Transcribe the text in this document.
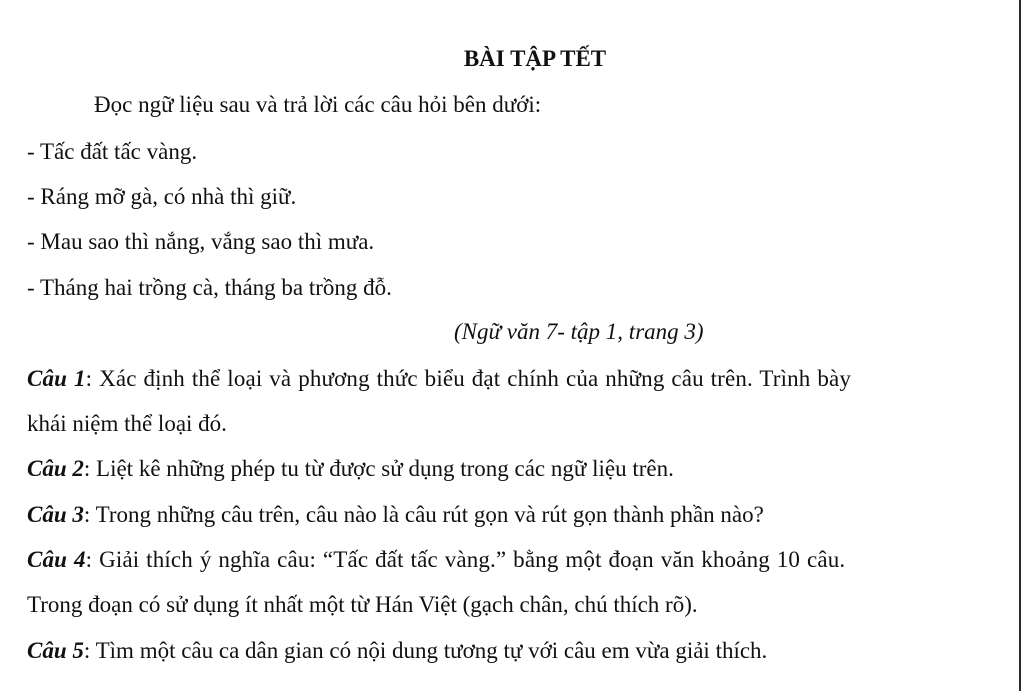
BÀI TẬP TẾT
Đọc ngữ liệu sau và trả lời các câu hỏi bên dưới:
- Tấc đất tấc vàng.
- Ráng mỡ gà, có nhà thì giữ.
- Mau sao thì nắng, vắng sao thì mưa.
- Tháng hai trồng cà, tháng ba trồng đỗ.
(Ngữ văn 7- tập 1, trang 3)
Câu 1: Xác định thể loại và phương thức biểu đạt chính của những câu trên. Trình bày
khái niệm thể loại đó.
Câu 2: Liệt kê những phép tu từ được sử dụng trong các ngữ liệu trên.
Câu 3: Trong những câu trên, câu nào là câu rút gọn và rút gọn thành phần nào?
Câu 4: Giải thích ý nghĩa câu: “Tấc đất tấc vàng.” bằng một đoạn văn khoảng 10 câu.
Trong đoạn có sử dụng ít nhất một từ Hán Việt (gạch chân, chú thích rõ).
Câu 5: Tìm một câu ca dân gian có nội dung tương tự với câu em vừa giải thích.
